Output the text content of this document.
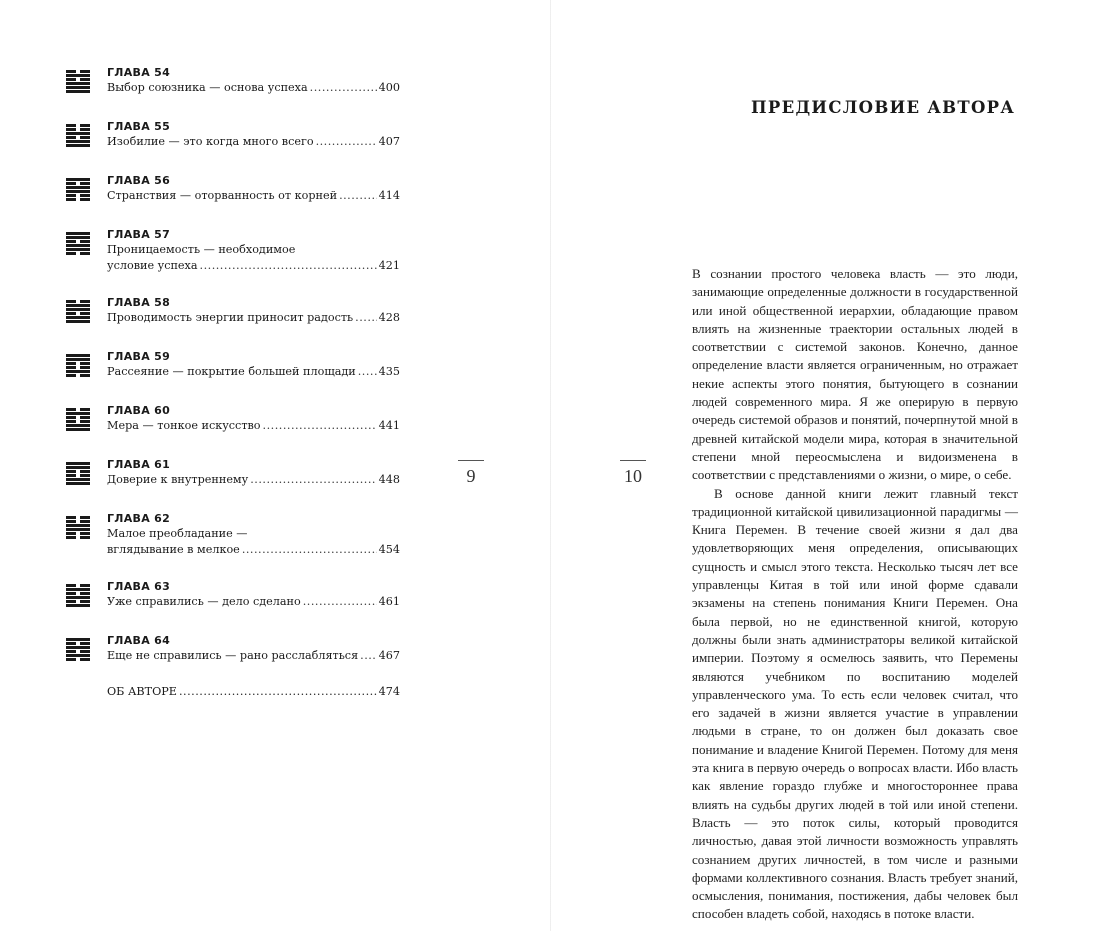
9	10
ПРЕДИСЛОВИЕ АВТОРА

В сознании простого человека власть — это люди, занимающие определенные должности в государственной или иной общественной иерархии, обладающие правом влиять на жизненные траектории остальных людей в соответствии с системой законов. Конечно, данное определение власти является ограниченным, но отражает некие аспекты этого понятия, бытующего в сознании людей современного мира. Я же оперирую в первую очередь системой образов и понятий, почерпнутой мной в древней китайской модели мира, которая в значительной степени мной переосмыслена и видоизменена в соответствии с представлениями о жизни, о мире, о себе.

В основе данной книги лежит главный текст традиционной китайской цивилизационной парадигмы — Книга Перемен. В течение своей жизни я дал два удовлетворяющих меня определения, описывающих сущность и смысл этого текста. Несколько тысяч лет все управленцы Китая в той или иной форме сдавали экзамены на степень понимания Книги Перемен. Она была первой, но не единственной книгой, которую должны были знать администраторы великой китайской империи. Поэтому я осмелюсь заявить, что Перемены являются учебником по воспитанию моделей управленческого ума. То есть если человек считал, что его задачей в жизни является участие в управлении людьми в стране, то он должен был доказать свое понимание и владение Книгой Перемен. Потому для меня эта книга в первую очередь о вопросах власти. Ибо власть как явление гораздо глубже и многостороннее права влиять на судьбы других людей в той или иной степени. Власть — это поток силы, который проводится личностью, давая этой личности возможность управлять сознанием других личностей, в том числе и разными формами коллективного сознания. Власть требует знаний, осмысления, понимания, постижения, дабы человек был способен владеть собой, находясь в потоке власти.

ГЛАВА 54
Выбор союзника — основа успеха .....	400
ГЛАВА 55
Изобилие — это когда много всего .....	407
ГЛАВА 56
Странствия — оторванность от корней .....	414
ГЛАВА 57
Проницаемость — необходимое
условие успеха .....	421
ГЛАВА 58
Проводимость энергии приносит радость ..... 428
ГЛАВА 59
Рассеяние — покрытие большей площади ..... 435
ГЛАВА 60
Мера — тонкое искусство .....	441
ГЛАВА 61
Доверие к внутреннему .....	448
ГЛАВА 62
Малое преобладание —
вглядывание в мелкое .....	454
ГЛАВА 63
Уже справились — дело сделано .....	461
ГЛАВА 64
Еще не справились — рано расслабляться ..... 467
ОБ АВТОРЕ .....	474
